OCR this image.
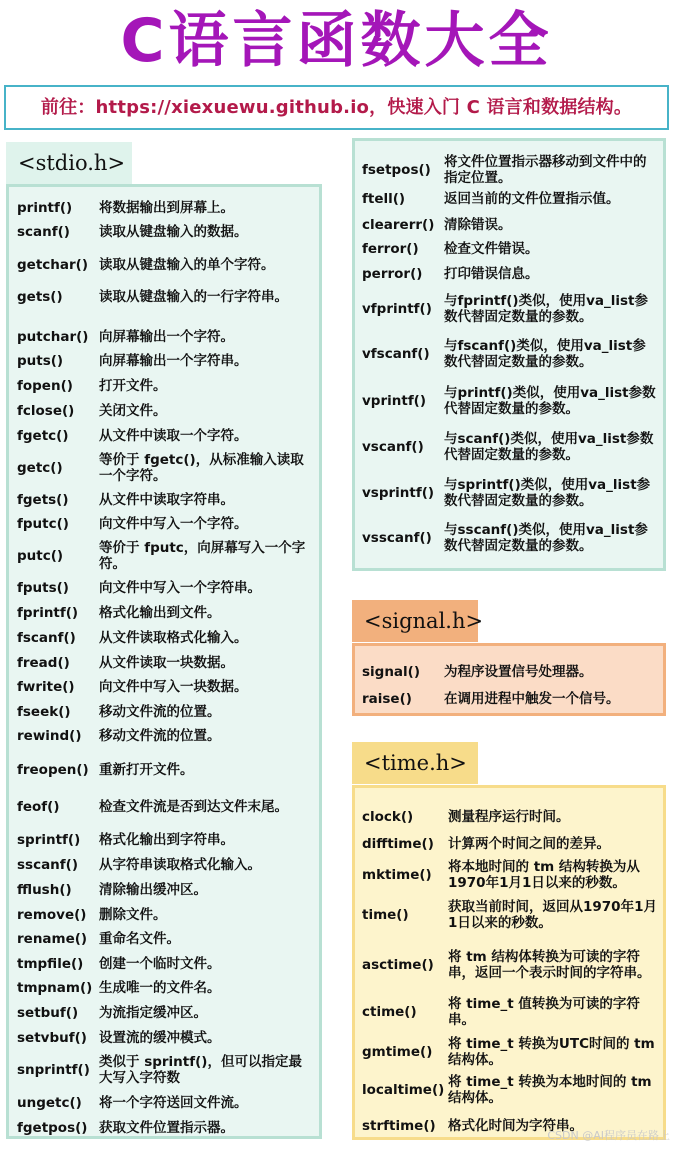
C语言函数大全
前往：https://xiexuewu.github.io，快速入门 C 语言和数据结构。
<stdio.h>
printf()	将数据输出到屏幕上。
scanf()	读取从键盘输入的数据。
getchar() 读取从键盘输入的单个字符。
gets()	读取从键盘输入的一行字符串。
putchar() 向屏幕输出一个字符。
puts()	向屏幕输出一个字符串。
fopen()	打开文件。
fclose()	关闭文件。
fgetc()	从文件中读取一个字符。
getc()	等价于 fgetc()，从标准输入读取一个字符。
fgets()	从文件中读取字符串。
fputc()	向文件中写入一个字符。
putc()	等价于 fputc，向屏幕写入一个字符。
fputs()	向文件中写入一个字符串。
fprintf()	格式化输出到文件。
fscanf()	从文件读取格式化输入。
fread()	从文件读取一块数据。
fwrite()	向文件中写入一块数据。
fseek()	移动文件流的位置。
rewind()	移动文件流的位置。
freopen() 重新打开文件。
feof()	检查文件流是否到达文件末尾。
sprintf()	格式化输出到字符串。
sscanf()	从字符串读取格式化输入。
fflush()	清除输出缓冲区。
remove() 删除文件。
rename() 重命名文件。
tmpfile()	创建一个临时文件。
tmpnam() 生成唯一的文件名。
setbuf()	为流指定缓冲区。
setvbuf() 设置流的缓冲模式。
snprintf() 类似于 sprintf()，但可以指定最大写入字符数
ungetc()	将一个字符送回文件流。
fgetpos() 获取文件位置指示器。
fsetpos() 将文件位置指示器移动到文件中的指定位置。
ftell()	返回当前的文件位置指示值。
clearerr() 清除错误。
ferror()	检查文件错误。
perror()	打印错误信息。
vfprintf() 与fprintf()类似，使用va_list参数代替固定数量的参数。
vfscanf()	与fscanf()类似，使用va_list参数代替固定数量的参数。
vprintf()	与printf()类似，使用va_list参数代替固定数量的参数。
vscanf()	与scanf()类似，使用va_list参数代替固定数量的参数。
vsprintf() 与sprintf()类似，使用va_list参数代替固定数量的参数。
vsscanf() 与sscanf()类似，使用va_list参数代替固定数量的参数。
<signal.h>
signal()	为程序设置信号处理器。
raise()	在调用进程中触发一个信号。
<time.h>
clock()	测量程序运行时间。
difftime()	计算两个时间之间的差异。
mktime()	将本地时间的 tm 结构转换为从1970年1月1日以来的秒数。
time()	获取当前时间，返回从1970年1月1日以来的秒数。
asctime()	将 tm 结构体转换为可读的字符串，返回一个表示时间的字符串。
ctime()	将 time_t 值转换为可读的字符串。
gmtime()	将 time_t 转换为UTC时间的 tm 结构体。
localtime() 将 time_t 转换为本地时间的 tm 结构体。
strftime() 格式化时间为字符串。
CSDN @AI程序员在路上
